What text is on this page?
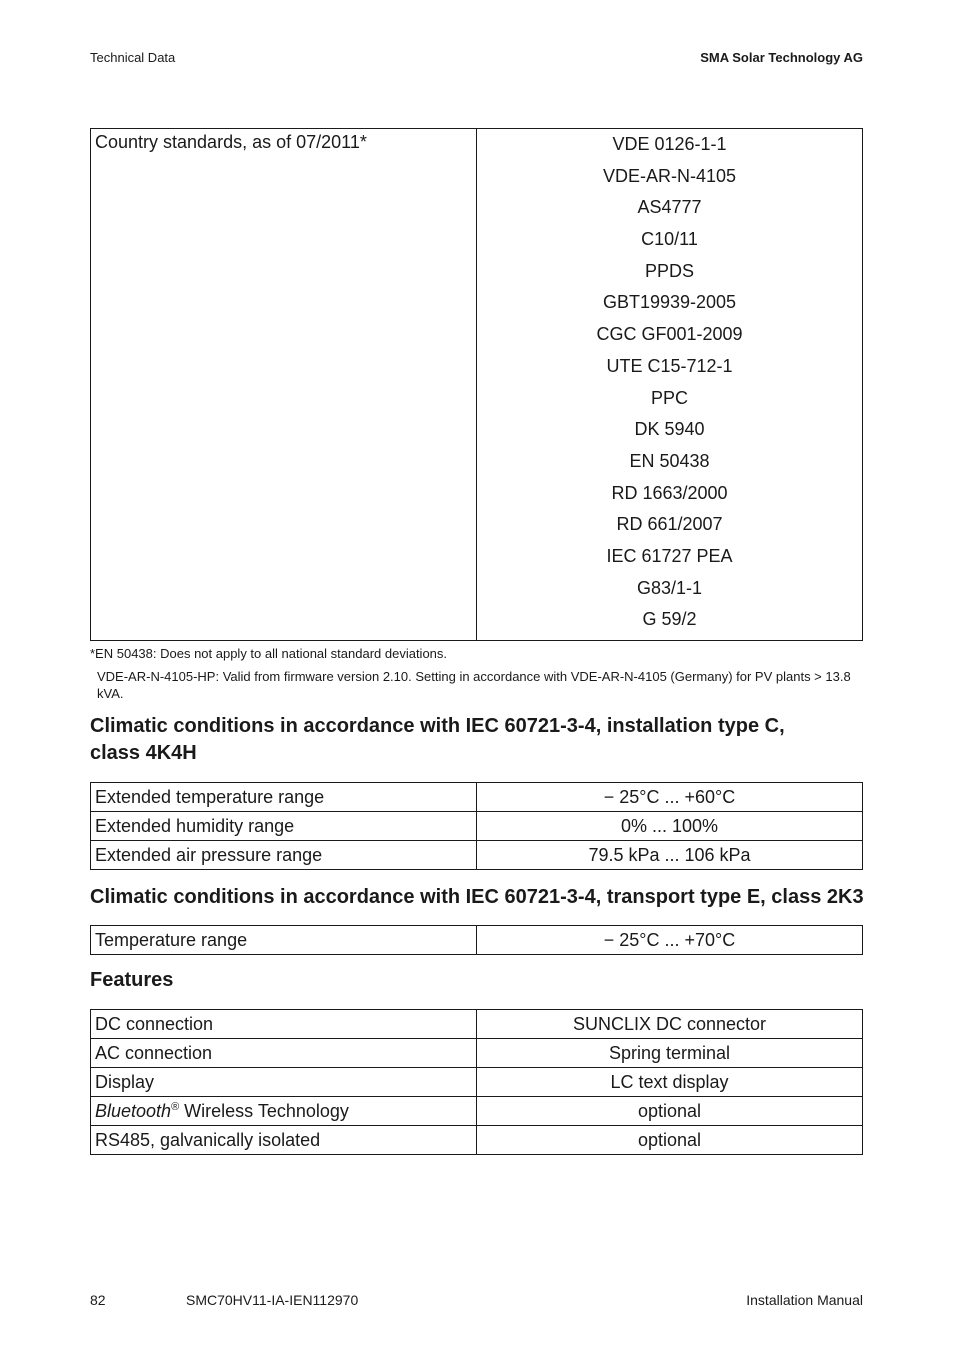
Technical Data	SMA Solar Technology AG
Country standards, as of 07/2011*	VDE 0126-1-1
VDE-AR-N-4105
AS4777
C10/11
PPDS
GBT19939-2005
CGC GF001-2009
UTE C15-712-1
PPC
DK 5940
EN 50438
RD 1663/2000
RD 661/2007
IEC 61727 PEA
G83/1-1
G 59/2
*EN 50438: Does not apply to all national standard deviations.
VDE-AR-N-4105-HP: Valid from firmware version 2.10. Setting in accordance with VDE-AR-N-4105 (Germany) for PV plants > 13.8 kVA.
Climatic conditions in accordance with IEC 60721-3-4, installation type C, class 4K4H
Extended temperature range	− 25°C ... +60°C
Extended humidity range	0% ... 100%
Extended air pressure range	79.5 kPa ... 106 kPa
Climatic conditions in accordance with IEC 60721-3-4, transport type E, class 2K3
Temperature range	− 25°C ... +70°C
Features
DC connection	SUNCLIX DC connector
AC connection	Spring terminal
Display	LC text display
Bluetooth® Wireless Technology	optional
RS485, galvanically isolated	optional
82	SMC70HV11-IA-IEN112970	Installation Manual
